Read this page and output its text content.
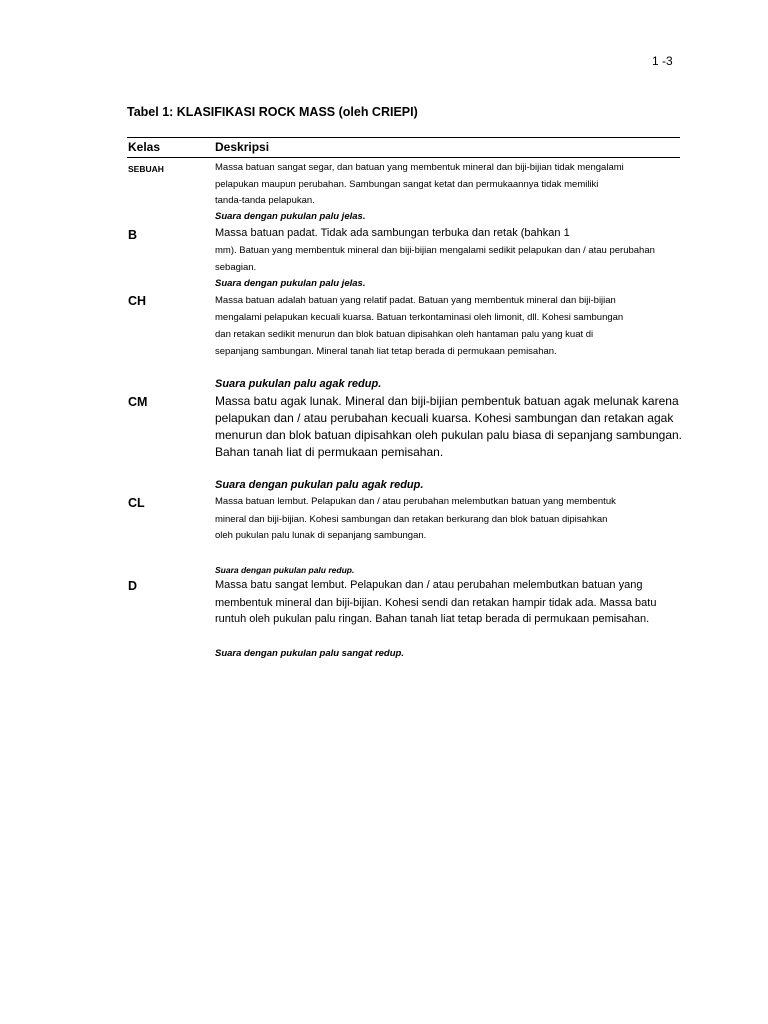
1 -3
Tabel 1: KLASIFIKASI ROCK MASS (oleh CRIEPI)
Kelas	Deskripsi
SEBUAH	Massa batuan sangat segar, dan batuan yang membentuk mineral dan biji-bijian tidak mengalami
pelapukan maupun perubahan. Sambungan sangat ketat dan permukaannya tidak memiliki
tanda-tanda pelapukan.
Suara dengan pukulan palu jelas.
B	Massa batuan padat. Tidak ada sambungan terbuka dan retak (bahkan 1
mm). Batuan yang membentuk mineral dan biji-bijian mengalami sedikit pelapukan dan / atau perubahan
sebagian.
Suara dengan pukulan palu jelas.
CH	Massa batuan adalah batuan yang relatif padat. Batuan yang membentuk mineral dan biji-bijian
mengalami pelapukan kecuali kuarsa. Batuan terkontaminasi oleh limonit, dll. Kohesi sambungan
dan retakan sedikit menurun dan blok batuan dipisahkan oleh hantaman palu yang kuat di
sepanjang sambungan. Mineral tanah liat tetap berada di permukaan pemisahan.
Suara pukulan palu agak redup.
CM	Massa batu agak lunak. Mineral dan biji-bijian pembentuk batuan agak melunak karena
pelapukan dan / atau perubahan kecuali kuarsa. Kohesi sambungan dan retakan agak
menurun dan blok batuan dipisahkan oleh pukulan palu biasa di sepanjang sambungan.
Bahan tanah liat di permukaan pemisahan.
Suara dengan pukulan palu agak redup.
CL	Massa batuan lembut. Pelapukan dan / atau perubahan melembutkan batuan yang membentuk
mineral dan biji-bijian. Kohesi sambungan dan retakan berkurang dan blok batuan dipisahkan
oleh pukulan palu lunak di sepanjang sambungan.
Suara dengan pukulan palu redup.
D	Massa batu sangat lembut. Pelapukan dan / atau perubahan melembutkan batuan yang
membentuk mineral dan biji-bijian. Kohesi sendi dan retakan hampir tidak ada. Massa batu
runtuh oleh pukulan palu ringan. Bahan tanah liat tetap berada di permukaan pemisahan.
Suara dengan pukulan palu sangat redup.
